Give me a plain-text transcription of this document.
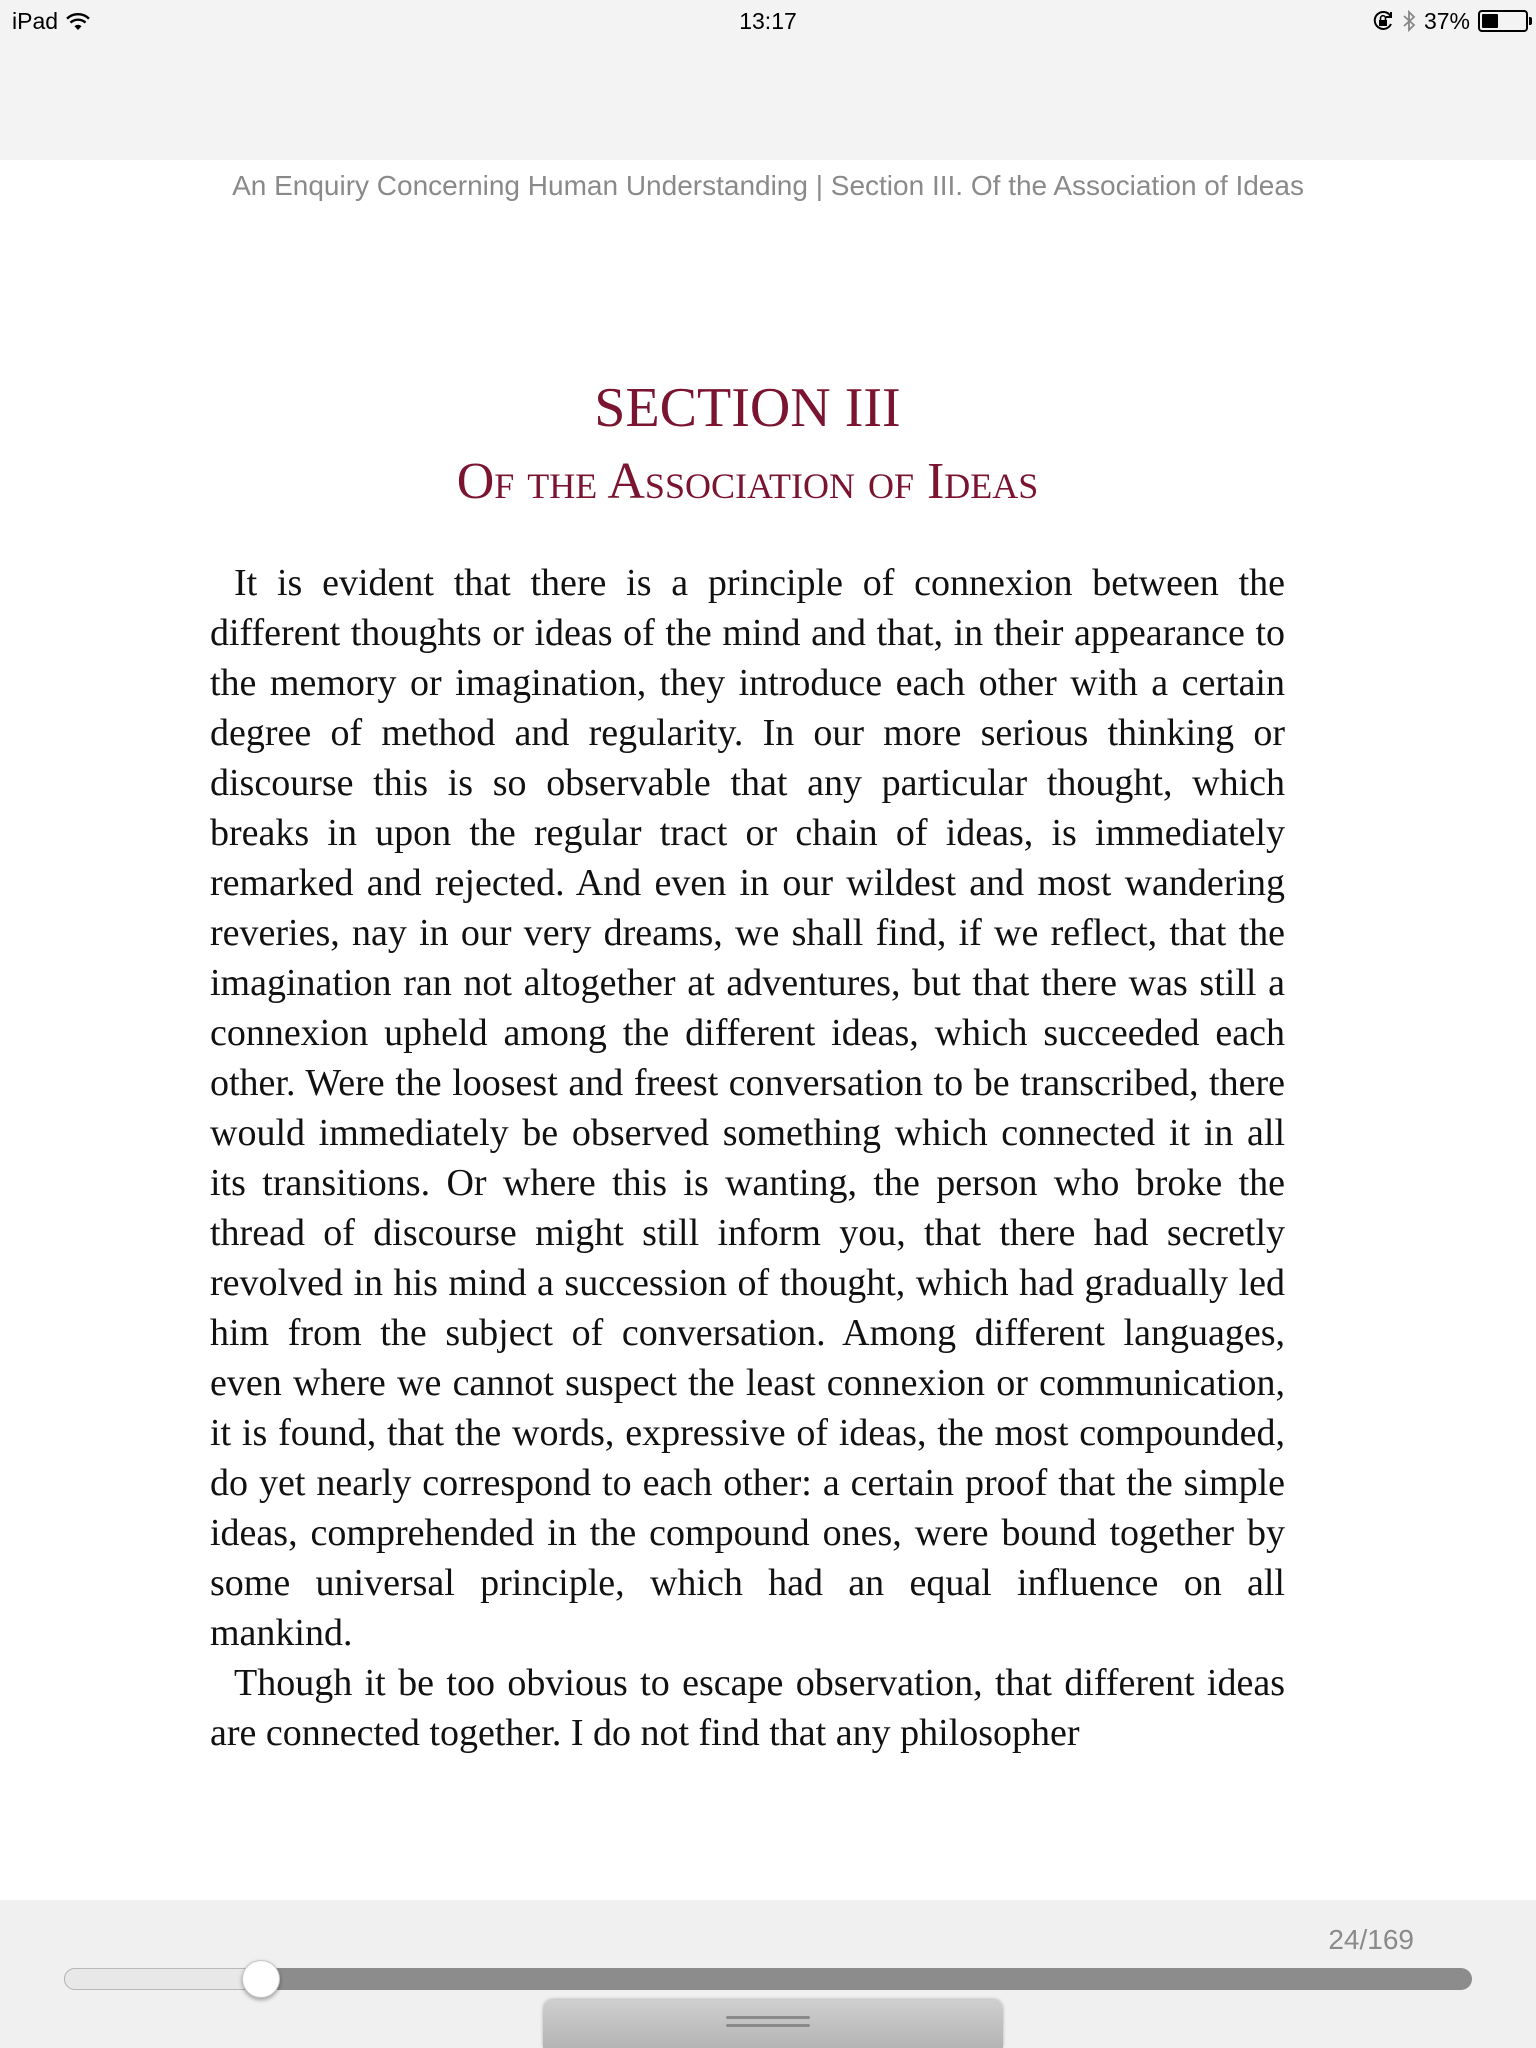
iPad	13:17	37%
An Enquiry Concerning Human Understanding | Section III. Of the Association of Ideas
SECTION III
Of the Association of Ideas

It is evident that there is a principle of connexion between the different thoughts or ideas of the mind and that, in their appearance to the memory or imagination, they introduce each other with a certain degree of method and regularity. In our more serious thinking or discourse this is so observable that any particular thought, which breaks in upon the regular tract or chain of ideas, is immediately remarked and rejected. And even in our wildest and most wandering reveries, nay in our very dreams, we shall find, if we reflect, that the imagination ran not altogether at adventures, but that there was still a connexion upheld among the different ideas, which succeeded each other. Were the loosest and freest conversation to be transcribed, there would immediately be observed something which connected it in all its transitions. Or where this is wanting, the person who broke the thread of discourse might still inform you, that there had secretly revolved in his mind a succession of thought, which had gradually led him from the subject of conversation. Among different languages, even where we cannot suspect the least connexion or communication, it is found, that the words, expressive of ideas, the most compounded, do yet nearly correspond to each other: a certain proof that the simple ideas, comprehended in the compound ones, were bound together by some universal principle, which had an equal influence on all mankind.

Though it be too obvious to escape observation, that different ideas are connected together. I do not find that any philosopher

24/169
